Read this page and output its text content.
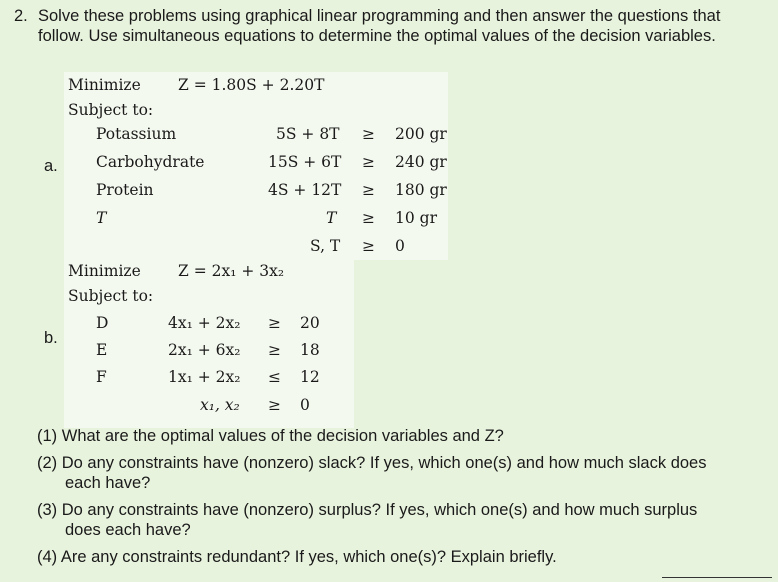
2. Solve these problems using graphical linear programming and then answer the questions that follow. Use simultaneous equations to determine the optimal values of the decision variables.
a.
Minimize Z = 1.80S + 2.20T
Subject to:
Potassium	5S + 8T ≥ 200 gr
Carbohydrate	15S + 6T ≥ 240 gr
Protein	4S + 12T ≥ 180 gr
T	T ≥ 10 gr
S, T ≥ 0
b.
Minimize Z = 2x₁ + 3x₂
Subject to:
D	4x₁ + 2x₂ ≥ 20
E	2x₁ + 6x₂ ≥ 18
F	1x₁ + 2x₂ ≤ 12
x₁, x₂ ≥ 0
(1) What are the optimal values of the decision variables and Z?
(2) Do any constraints have (nonzero) slack? If yes, which one(s) and how much slack does each have?
(3) Do any constraints have (nonzero) surplus? If yes, which one(s) and how much surplus does each have?
(4) Are any constraints redundant? If yes, which one(s)? Explain briefly.
